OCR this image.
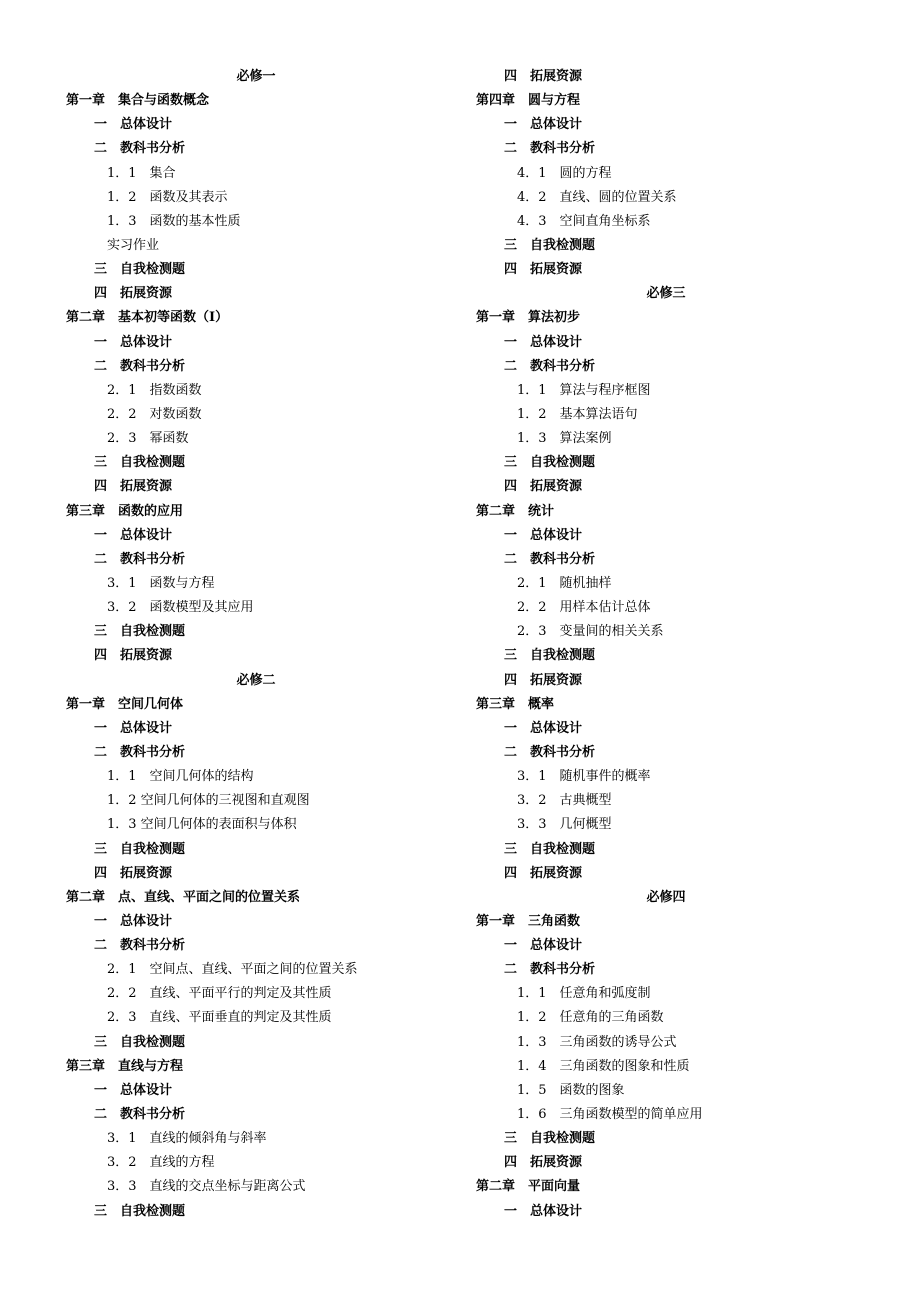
必修一
第一章　集合与函数概念
一　总体设计
二　教科书分析
1．1　集合
1．2　函数及其表示
1．3　函数的基本性质
实习作业
三　自我检测题
四　拓展资源
第二章　基本初等函数（Ⅰ）
一　总体设计
二　教科书分析
2．1　指数函数
2．2　对数函数
2．3　幂函数
三　自我检测题
四　拓展资源
第三章　函数的应用
一　总体设计
二　教科书分析
3．1　函数与方程
3．2　函数模型及其应用
三　自我检测题
四　拓展资源
必修二
第一章　空间几何体
一　总体设计
二　教科书分析
1．1　空间几何体的结构
1．2 空间几何体的三视图和直观图
1．3 空间几何体的表面积与体积
三　自我检测题
四　拓展资源
第二章　点、直线、平面之间的位置关系
一　总体设计
二　教科书分析
2．1　空间点、直线、平面之间的位置关系
2．2　直线、平面平行的判定及其性质
2．3　直线、平面垂直的判定及其性质
三　自我检测题
第三章　直线与方程
一　总体设计
二　教科书分析
3．1　直线的倾斜角与斜率
3．2　直线的方程
3．3　直线的交点坐标与距离公式
三　自我检测题
四　拓展资源
第四章　圆与方程
一　总体设计
二　教科书分析
4．1　圆的方程
4．2　直线、圆的位置关系
4．3　空间直角坐标系
三　自我检测题
四　拓展资源
必修三
第一章　算法初步
一　总体设计
二　教科书分析
1．1　算法与程序框图
1．2　基本算法语句
1．3　算法案例
三　自我检测题
四　拓展资源
第二章　统计
一　总体设计
二　教科书分析
2．1　随机抽样
2．2　用样本估计总体
2．3　变量间的相关关系
三　自我检测题
四　拓展资源
第三章　概率
一　总体设计
二　教科书分析
3．1　随机事件的概率
3．2　古典概型
3．3　几何概型
三　自我检测题
四　拓展资源
必修四
第一章　三角函数
一　总体设计
二　教科书分析
1．1　任意角和弧度制
1．2　任意角的三角函数
1．3　三角函数的诱导公式
1．4　三角函数的图象和性质
1．5　函数的图象
1．6　三角函数模型的简单应用
三　自我检测题
四　拓展资源
第二章　平面向量
一　总体设计
